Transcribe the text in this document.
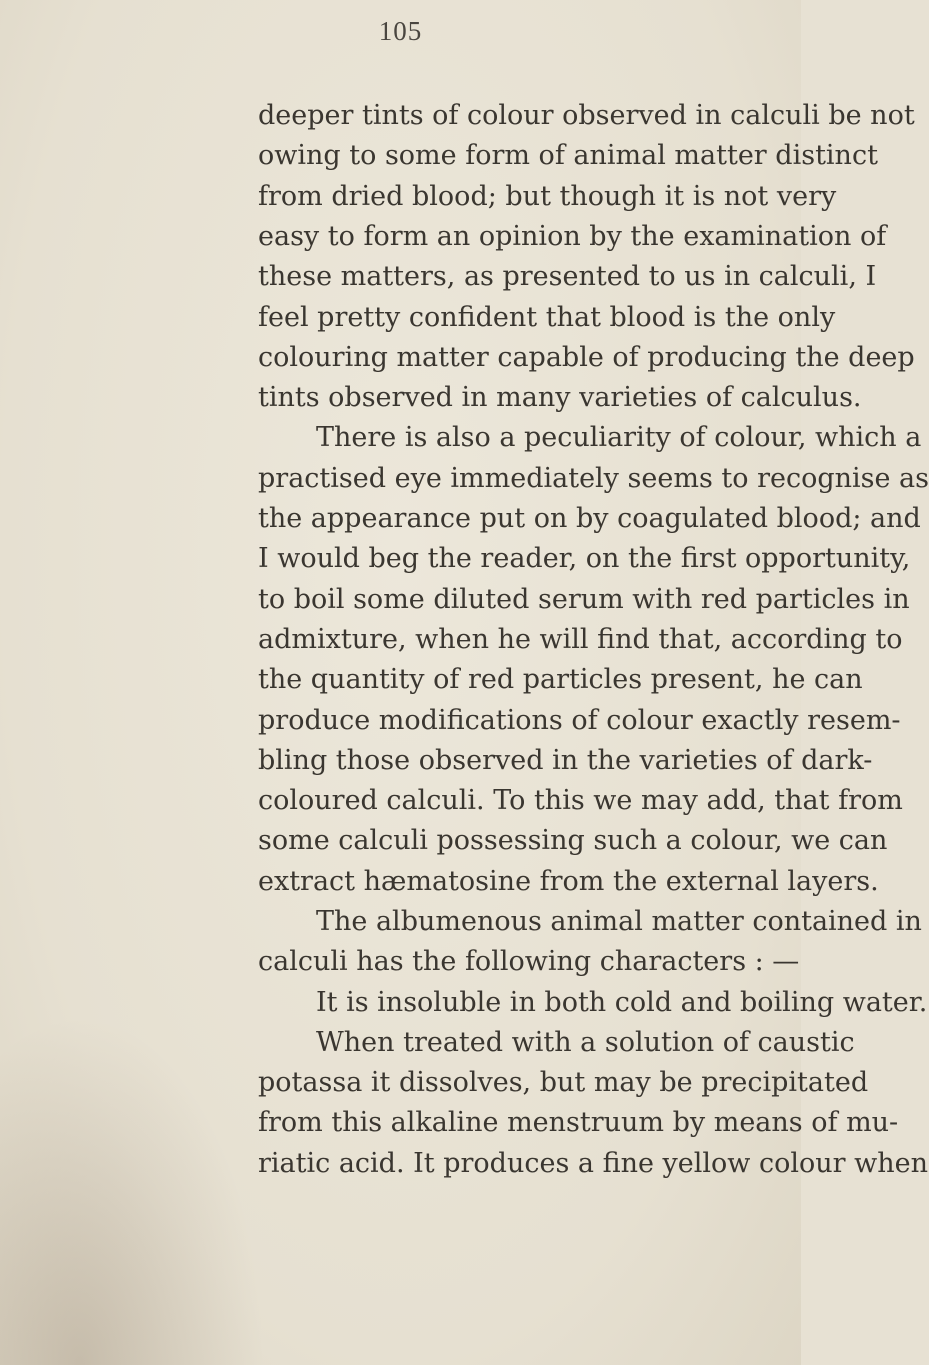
105
deeper tints of colour observed in calculi be not
owing to some form of animal matter distinct
from dried blood; but though it is not very
easy to form an opinion by the examination of
these matters, as presented to us in calculi, I
feel pretty confident that blood is the only
colouring matter capable of producing the deep
tints observed in many varieties of calculus.
There is also a peculiarity of colour, which a
practised eye immediately seems to recognise as
the appearance put on by coagulated blood; and
I would beg the reader, on the first opportunity,
to boil some diluted serum with red particles in
admixture, when he will find that, according to
the quantity of red particles present, he can
produce modifications of colour exactly resem-
bling those observed in the varieties of dark-
coloured calculi. To this we may add, that from
some calculi possessing such a colour, we can
extract hæmatosine from the external layers.
The albumenous animal matter contained in
calculi has the following characters : —
It is insoluble in both cold and boiling water.
When treated with a solution of caustic
potassa it dissolves, but may be precipitated
from this alkaline menstruum by means of mu-
riatic acid. It produces a fine yellow colour when
